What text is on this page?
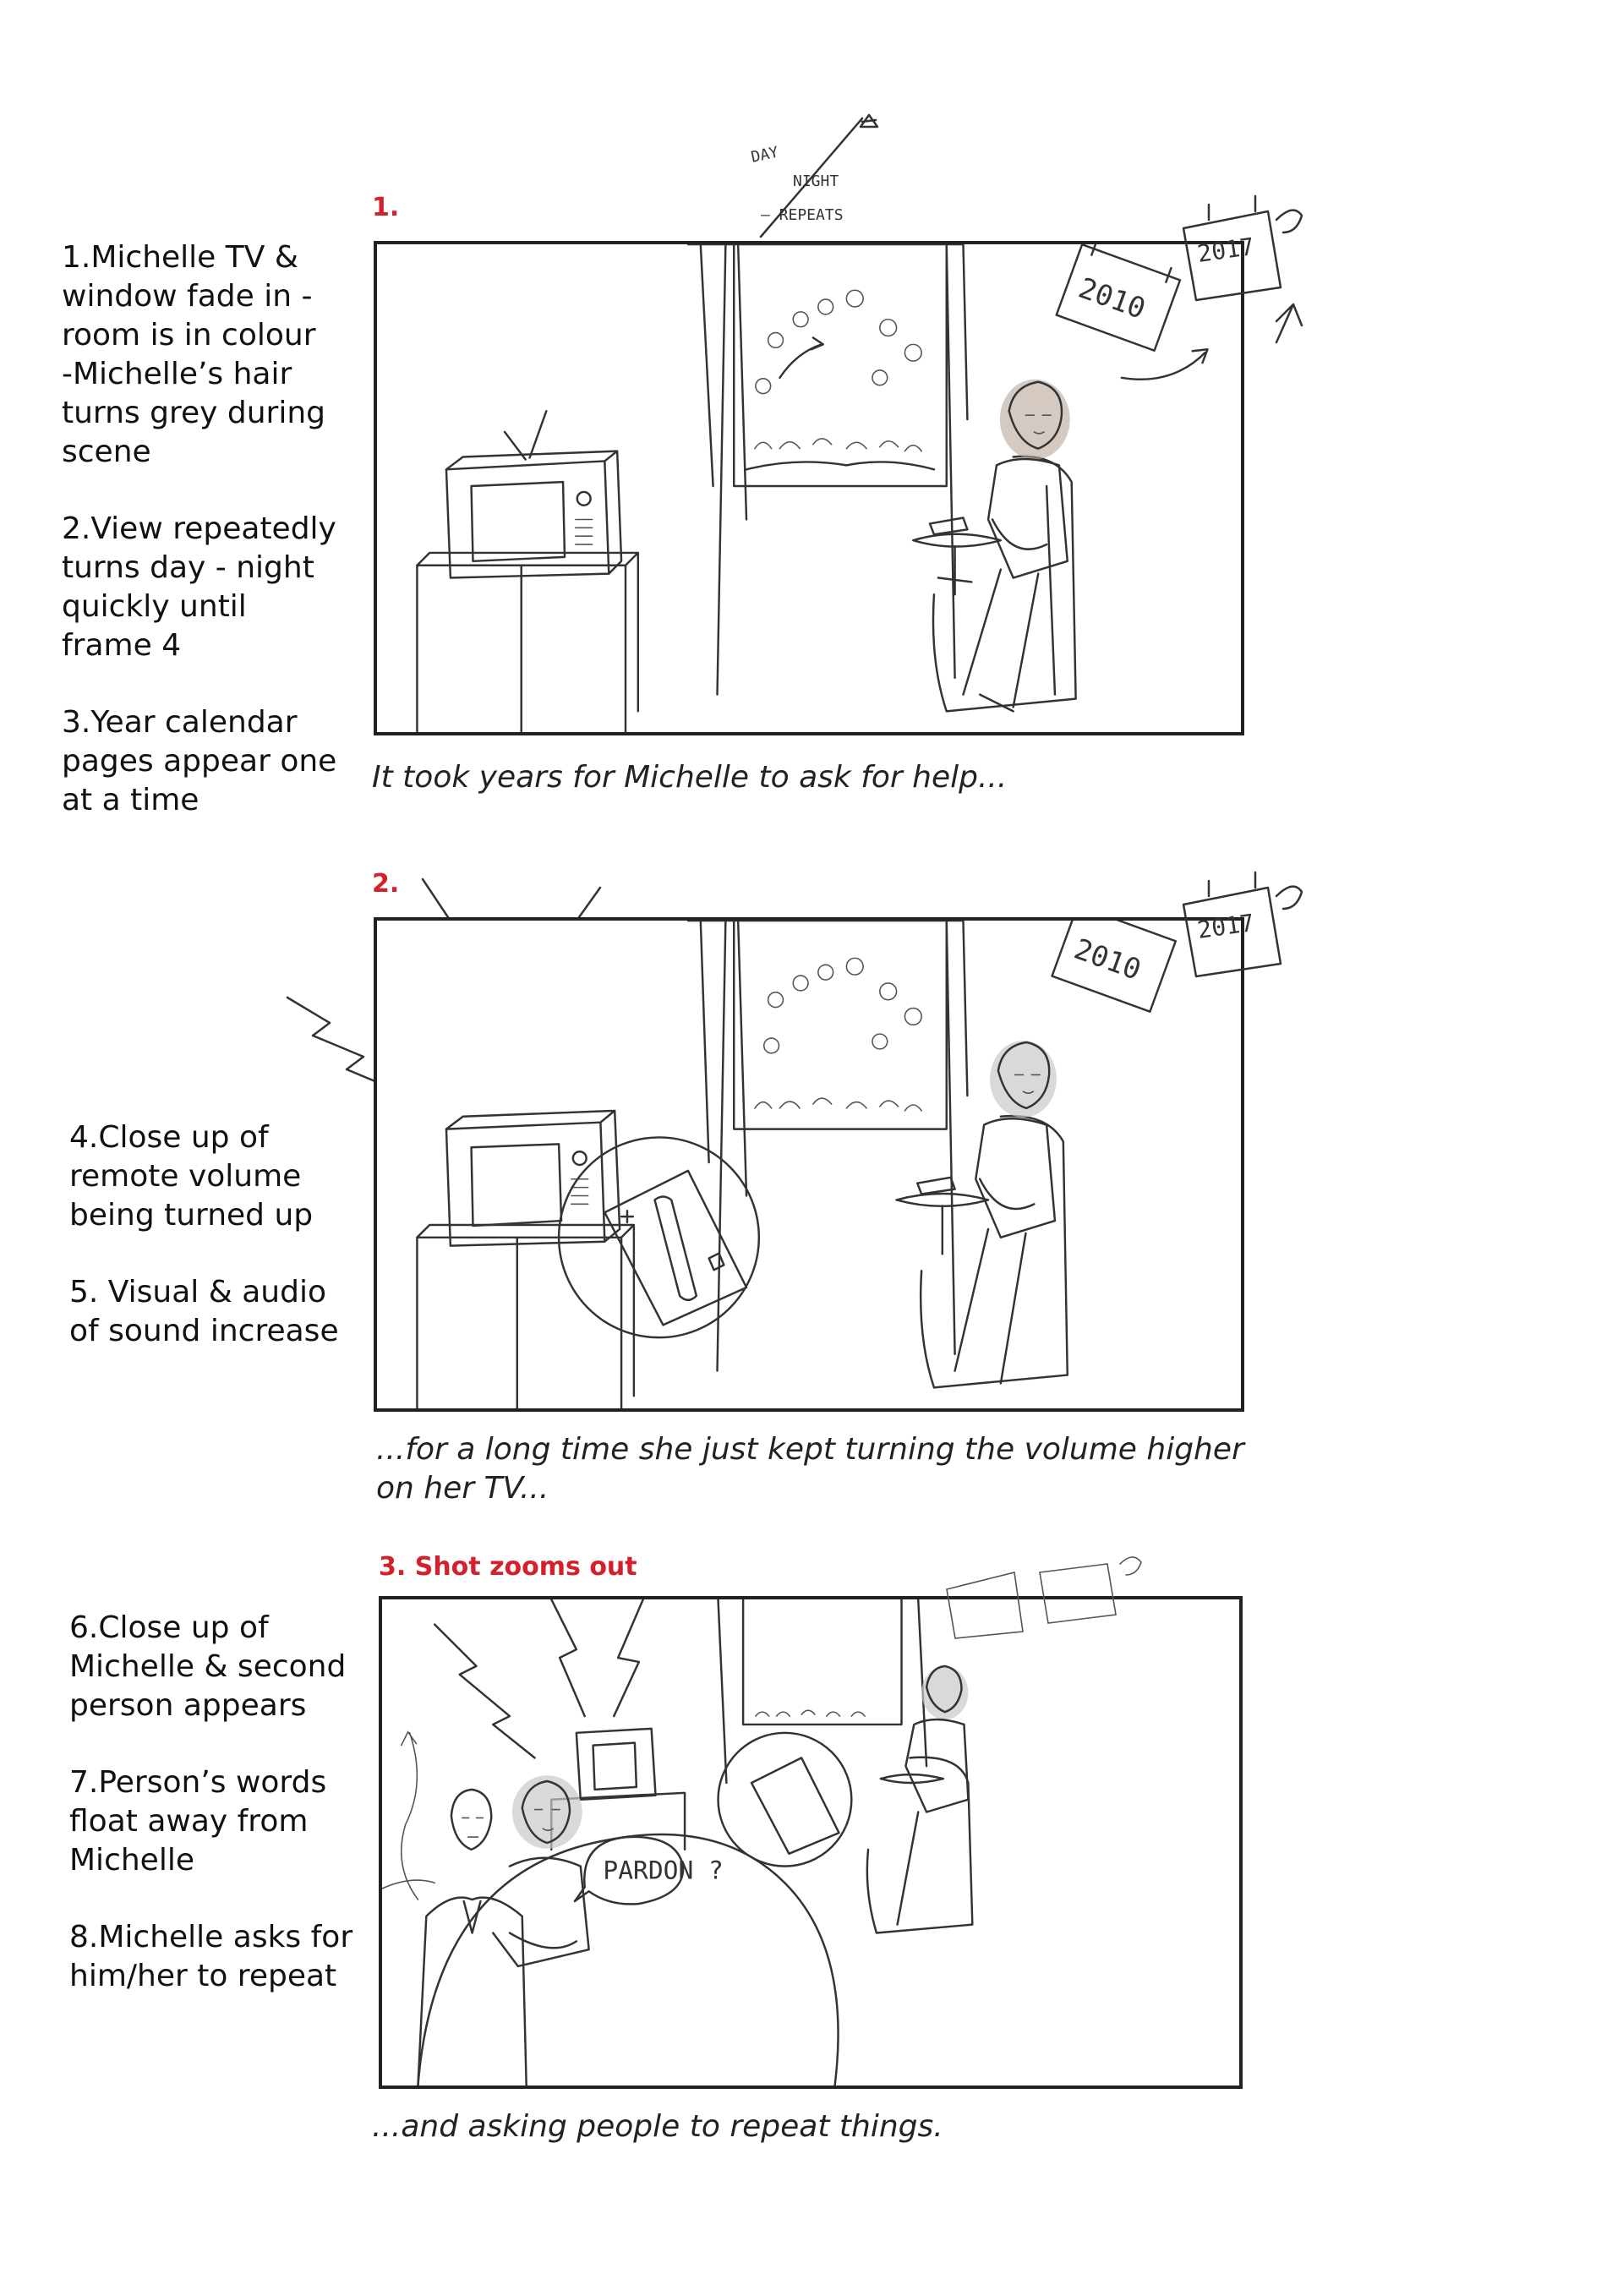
1.Michelle TV &
window fade in -
room is in colour
-Michelle’s hair
turns grey during
scene

2.View repeatedly
turns day - night
quickly until
frame 4

3.Year calendar
pages appear one
at a time

1.
DAY
NIGHT
– REPEATS
2010
2017
It took years for Michelle to ask for help...
2.

4.Close up of
remote volume
being turned up

5. Visual & audio
of sound increase

2010
2017
...for a long time she just kept turning the volume higher
on her TV...
3. Shot zooms out

6.Close up of
Michelle & second
person appears

7.Person’s words
float away from
Michelle

8.Michelle asks for
him/her to repeat

PARDON ?
...and asking people to repeat things.
